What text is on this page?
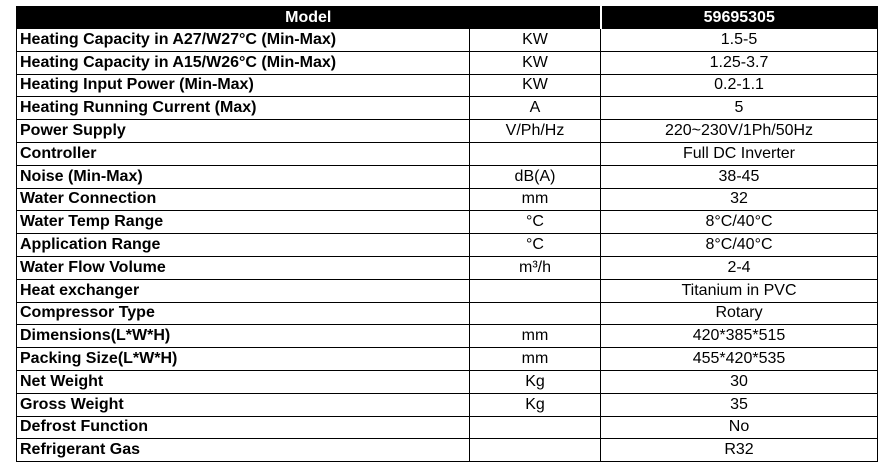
Model		59695305
Heating Capacity in A27/W27°C (Min-Max)	KW	1.5-5
Heating Capacity in A15/W26°C (Min-Max)	KW	1.25-3.7
Heating Input Power (Min-Max)	KW	0.2-1.1
Heating Running Current (Max)	A	5
Power Supply	V/Ph/Hz	220~230V/1Ph/50Hz
Controller		Full DC Inverter
Noise (Min-Max)	dB(A)	38-45
Water Connection	mm	32
Water Temp Range	°C	8°C/40°C
Application Range	°C	8°C/40°C
Water Flow Volume	m³/h	2-4
Heat exchanger		Titanium in PVC
Compressor Type		Rotary
Dimensions(L*W*H)	mm	420*385*515
Packing Size(L*W*H)	mm	455*420*535
Net Weight	Kg	30
Gross Weight	Kg	35
Defrost Function		No
Refrigerant Gas		R32
